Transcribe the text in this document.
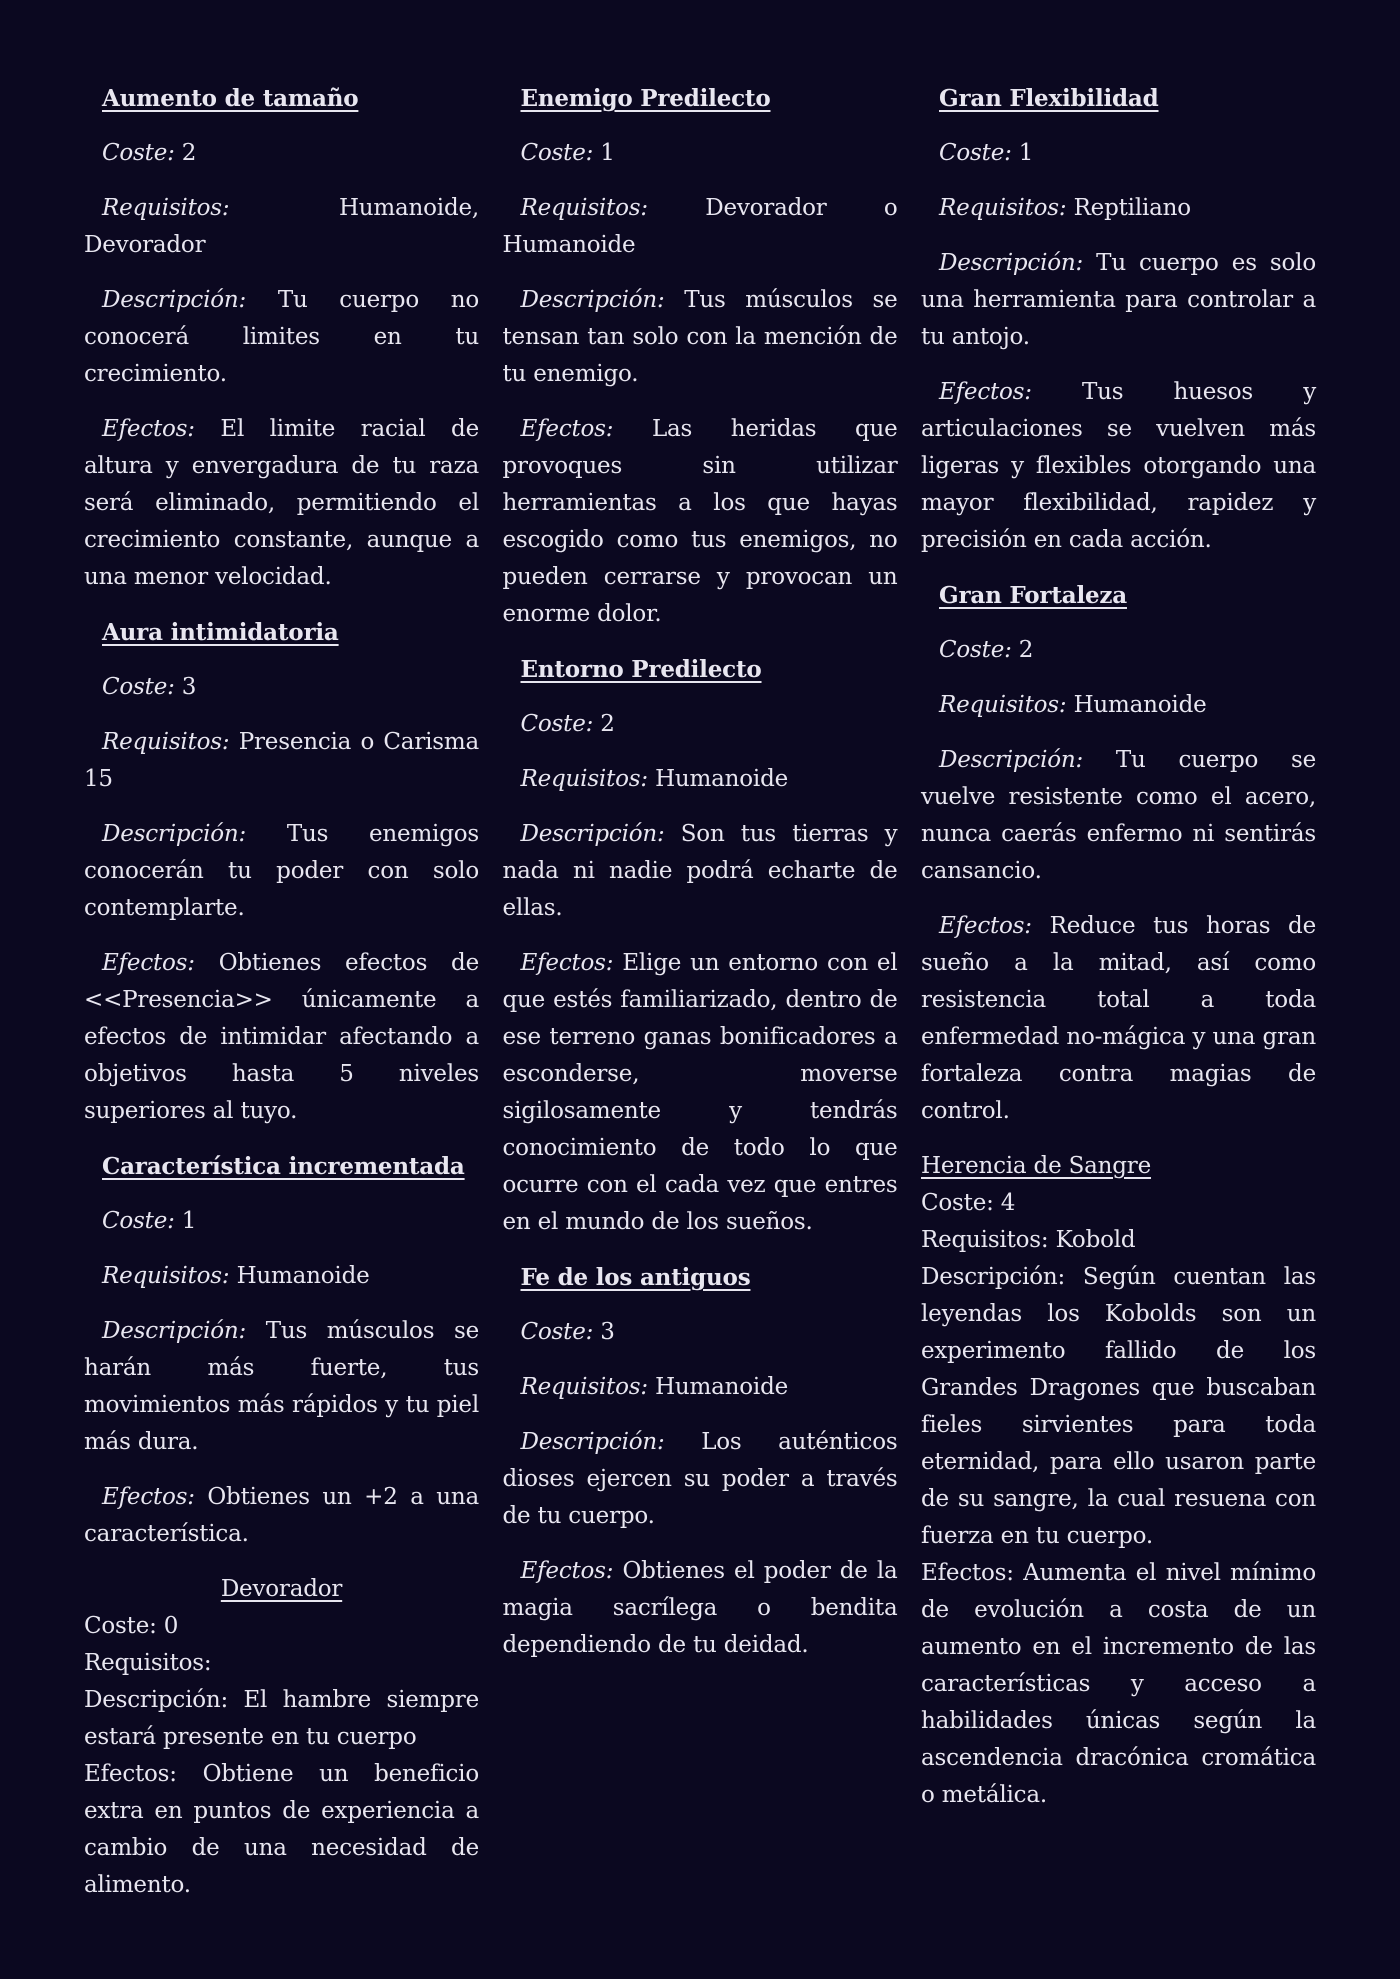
Aumento de tamaño

Coste: 2

Requisitos:	Humanoide, Devorador

Descripción: Tu cuerpo no conocerá limites en tu crecimiento.

Efectos: El limite racial de altura y envergadura de tu raza será eliminado, permitiendo el crecimiento constante, aunque a una menor velocidad.

Aura intimidatoria

Coste: 3

Requisitos: Presencia o Carisma 15

Descripción: Tus enemigos conocerán tu poder con solo contemplarte.

Efectos: Obtienes efectos de <<Presencia>> únicamente a efectos de intimidar afectando a objetivos hasta 5 niveles superiores al tuyo.

Característica incrementada

Coste: 1

Requisitos: Humanoide

Descripción: Tus músculos se harán más fuerte, tus movimientos más rápidos y tu piel más dura.

Efectos: Obtienes un +2 a una característica.

Devorador

Coste: 0

Requisitos:

Descripción: El hambre siempre estará presente en tu cuerpo

Efectos: Obtiene un beneficio extra en puntos de experiencia a cambio de una necesidad de alimento.

Enemigo Predilecto

Coste: 1

Requisitos: Devorador o Humanoide

Descripción: Tus músculos se tensan tan solo con la mención de tu enemigo.

Efectos: Las heridas que provoques sin utilizar herramientas a los que hayas escogido como tus enemigos, no pueden cerrarse y provocan un enorme dolor.

Entorno Predilecto

Coste: 2

Requisitos: Humanoide

Descripción: Son tus tierras y nada ni nadie podrá echarte de ellas.

Efectos: Elige un entorno con el que estés familiarizado, dentro de ese terreno ganas bonificadores a esconderse, moverse sigilosamente y tendrás conocimiento de todo lo que ocurre con el cada vez que entres en el mundo de los sueños.

Fe de los antiguos

Coste: 3

Requisitos: Humanoide

Descripción: Los auténticos dioses ejercen su poder a través de tu cuerpo.

Efectos: Obtienes el poder de la magia sacrílega o bendita dependiendo de tu deidad.

Gran Flexibilidad

Coste: 1

Requisitos: Reptiliano

Descripción: Tu cuerpo es solo una herramienta para controlar a tu antojo.

Efectos: Tus huesos y articulaciones se vuelven más ligeras y flexibles otorgando una mayor flexibilidad, rapidez y precisión en cada acción.

Gran Fortaleza

Coste: 2

Requisitos: Humanoide

Descripción: Tu cuerpo se vuelve resistente como el acero, nunca caerás enfermo ni sentirás cansancio.

Efectos: Reduce tus horas de sueño a la mitad, así como resistencia total a toda enfermedad no-mágica y una gran fortaleza contra magias de control.

Herencia de Sangre

Coste: 4

Requisitos: Kobold

Descripción: Según cuentan las leyendas los Kobolds son un experimento fallido de los Grandes Dragones que buscaban fieles sirvientes para toda eternidad, para ello usaron parte de su sangre, la cual resuena con fuerza en tu cuerpo.

Efectos: Aumenta el nivel mínimo de evolución a costa de un aumento en el incremento de las características y acceso a habilidades únicas según la ascendencia dracónica cromática o metálica.
